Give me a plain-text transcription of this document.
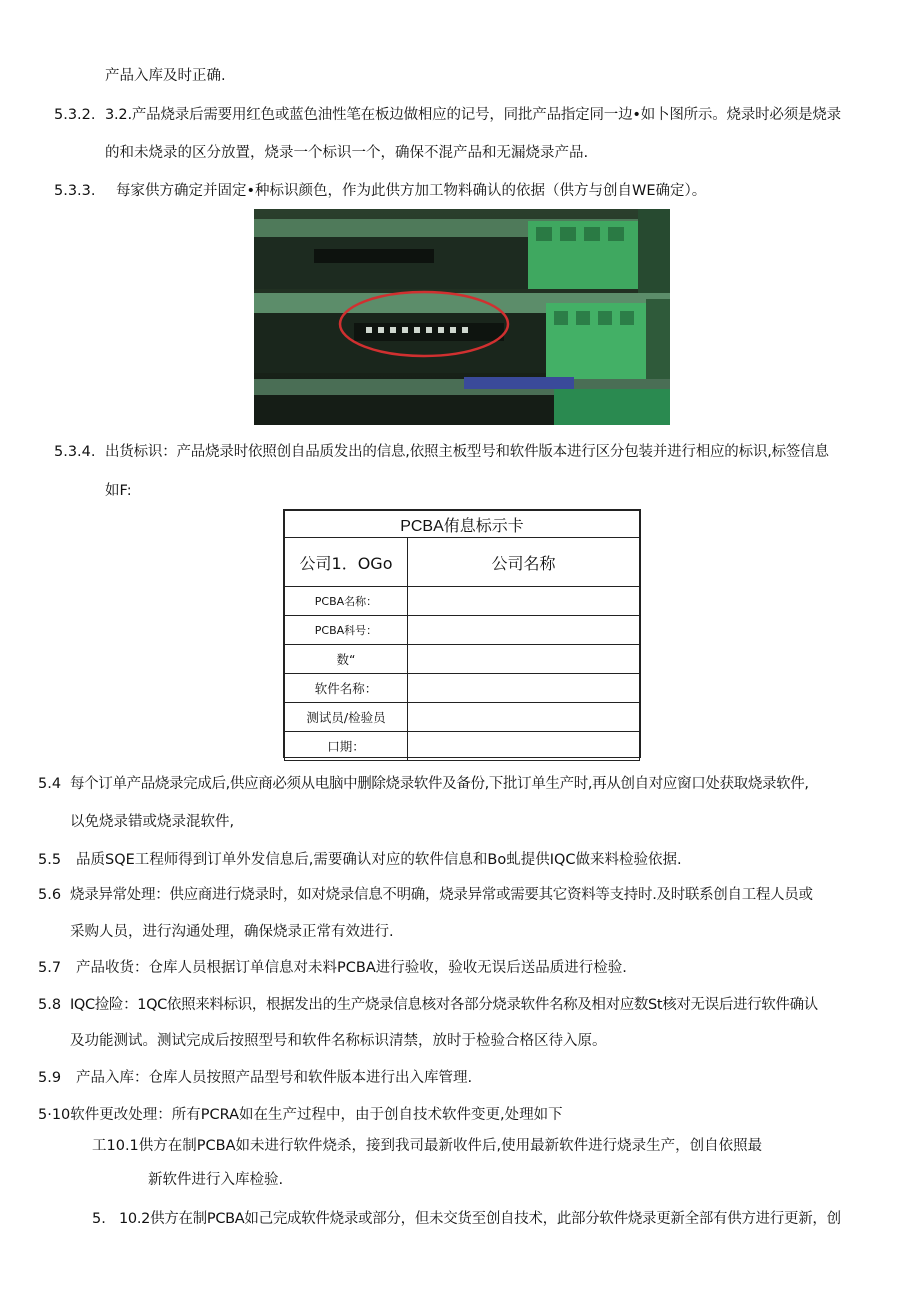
产品入库及时正确.
5.3.2. 3.2.产品烧录后需要用红色或蓝色油性笔在板边做相应的记号，同批产品指定同一边•如卜图所示。烧录时必须是烧录
的和未烧录的区分放置，烧录一个标识一个，确保不混产品和无漏烧录产品.
5.3.3. 每家供方确定并固定•种标识颜色，作为此供方加工物料确认的依据（供方与创自WE确定）。
5.3.4. 出货标识：产品烧录时依照创自品质发出的信息,依照主板型号和软件版本进行区分包装并进行相应的标识,标签信息
如F:
PCBA侑息标示卡	
公司1．OGo	公司名称
PCBA名称：	
PCBA科号：	
数“	
软件名称：	
测试员/检验员	
口期：	
5.4 每个订单产品烧录完成后,供应商必须从电脑中删除烧录软件及备份,下批订单生产时,再从创自对应窗口处获取烧录软件,
以免烧录错或烧录混软件,
5.5 品质SQE工程师得到订单外发信息后,需要确认对应的软件信息和Bo虬提供IQC做来料检验依据.
5.6 烧录异常处理：供应商进行烧录时，如对烧录信息不明确，烧录异常或需要其它资料等支持时.及时联系创自工程人员或
采购人员，进行沟通处理，确保烧录正常有效进行.
5.7 产品收货：仓库人员根据订单信息对未料PCBA进行验收，验收无误后送品质进行检验.
5.8 IQC捡险：1QC依照来料标识，根据发出的生产烧录信息核对各部分烧录软件名称及相对应数St核对无误后进行软件确认
及功能测试。测试完成后按照型号和软件名称标识清禁，放时于检验合格区待入原。
5.9 产品入库：仓库人员按照产品型号和软件版本进行出入库管理.
5·10软件更改处理：所有PCRA如在生产过程中，由于创自技术软件变更,处理如下
工10.1供方在制PCBA如未进行软件烧杀，接到我司最新收件后,使用最新软件进行烧录生产，创自依照最
新软件进行入库检验.
5. 10.2供方在制PCBA如己完成软件烧录或部分，但未交货至创自技术，此部分软件烧录更新全部有供方进行更新，创
